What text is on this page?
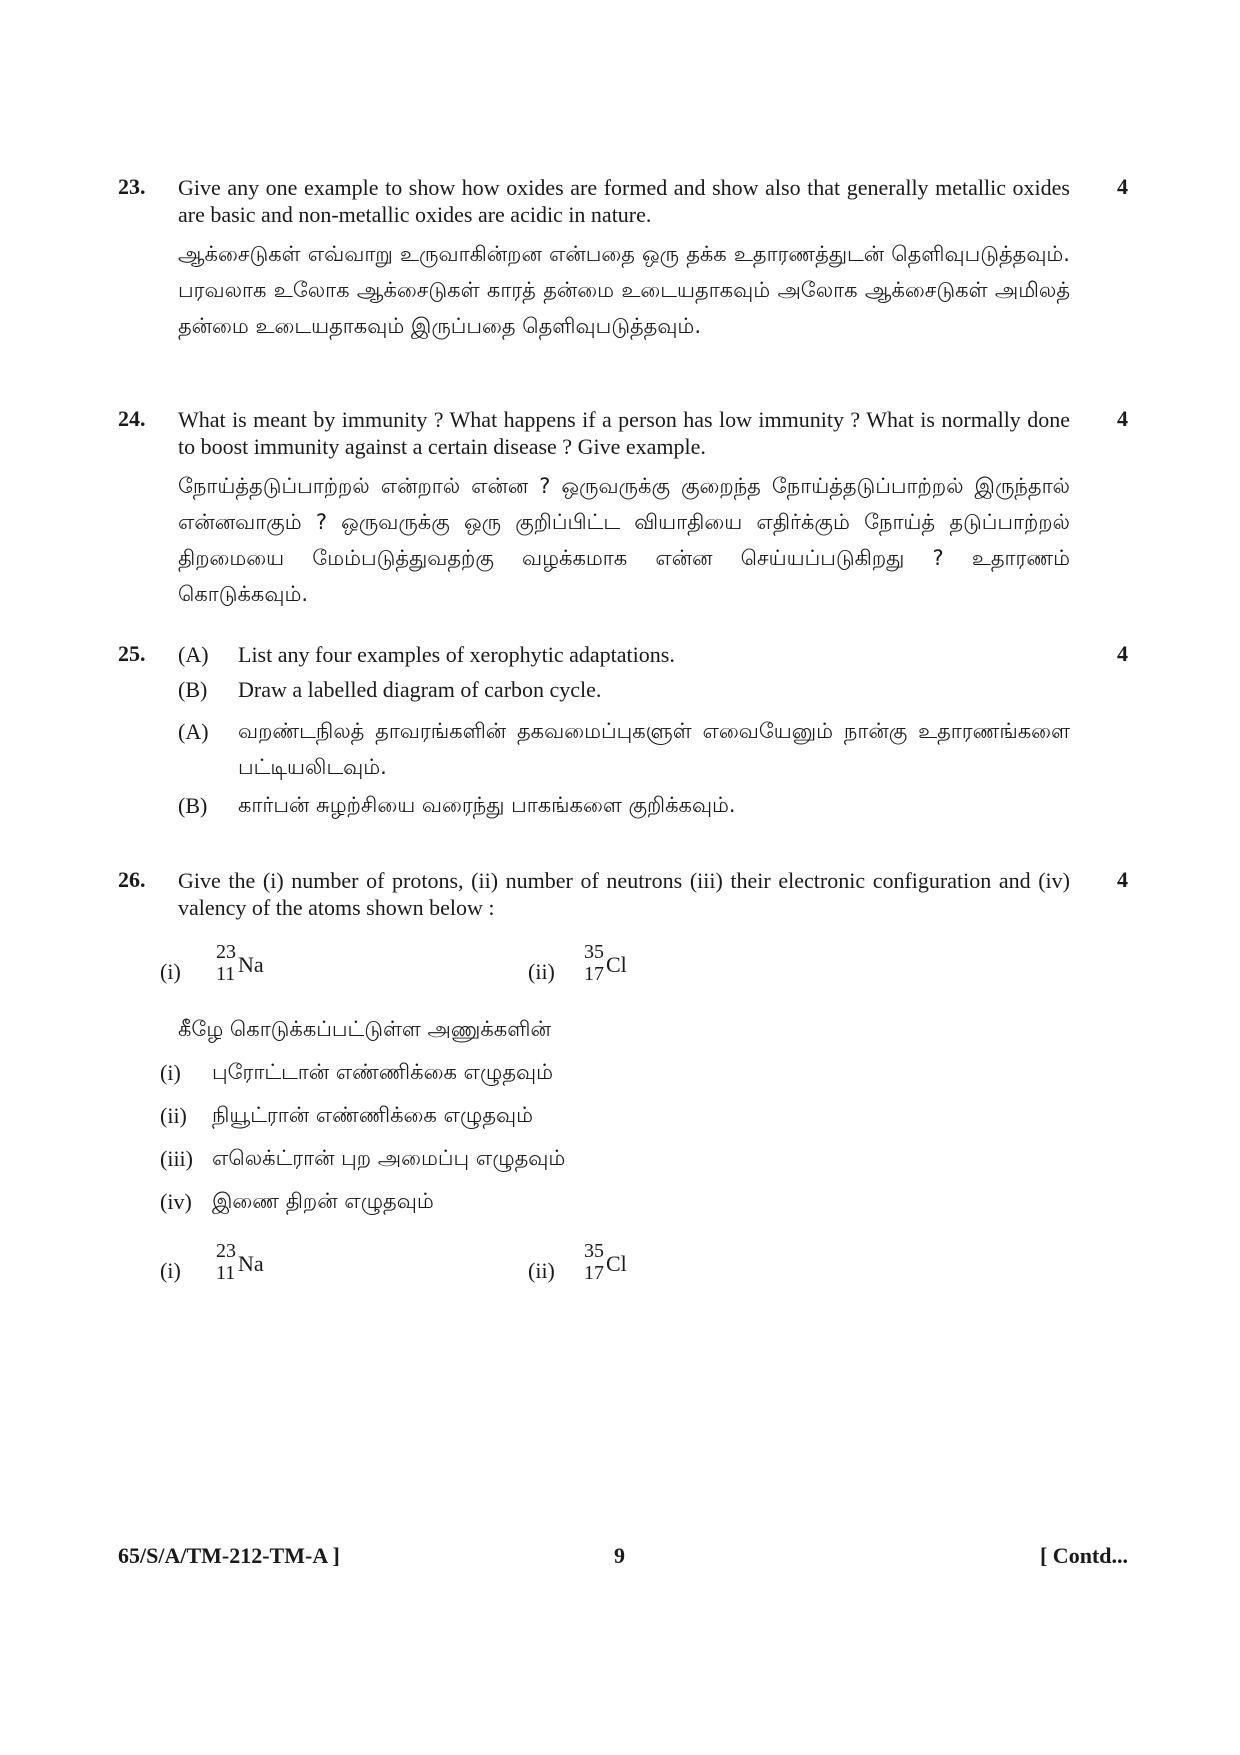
23.	4
Give any one example to show how oxides are formed and show also that generally metallic oxides are basic and non-metallic oxides are acidic in nature.
ஆக்சைடுகள் எவ்வாறு உருவாகின்றன என்பதை ஒரு தக்க உதாரணத்துடன் தெளிவுபடுத்தவும். பரவலாக உலோக ஆக்சைடுகள் காரத் தன்மை உடையதாகவும் அலோக ஆக்சைடுகள் அமிலத் தன்மை உடையதாகவும் இருப்பதை தெளிவுபடுத்தவும்.
24.	4
What is meant by immunity ? What happens if a person has low immunity ? What is normally done to boost immunity against a certain disease ? Give example.
நோய்த்தடுப்பாற்றல் என்றால் என்ன ? ஒருவருக்கு குறைந்த நோய்த்தடுப்பாற்றல் இருந்தால் என்னவாகும் ? ஒருவருக்கு ஒரு குறிப்பிட்ட வியாதியை எதிர்க்கும் நோய்த் தடுப்பாற்றல் திறமையை மேம்படுத்துவதற்கு வழக்கமாக என்ன செய்யப்படுகிறது ? உதாரணம் கொடுக்கவும்.
25.	4
(A) List any four examples of xerophytic adaptations.
(B) Draw a labelled diagram of carbon cycle.
(A) வறண்டநிலத் தாவரங்களின் தகவமைப்புகளுள் எவையேனும் நான்கு உதாரணங்களை பட்டியலிடவும்.
(B) கார்பன் சுழற்சியை வரைந்து பாகங்களை குறிக்கவும்.
26.	4
Give the (i) number of protons, (ii) number of neutrons (iii) their electronic configuration and (iv) valency of the atoms shown below :
(i)
23
11 Na	(ii)
35
17 Cl
கீழே கொடுக்கப்பட்டுள்ள அணுக்களின்
(i) புரோட்டான் எண்ணிக்கை எழுதவும்
(ii) நியூட்ரான் எண்ணிக்கை எழுதவும்
(iii) எலெக்ட்ரான் புற அமைப்பு எழுதவும்
(iv) இணை திறன் எழுதவும்
(i)
23
11 Na	(ii)
35
17 Cl
65/S/A/TM-212-TM-A ]	9	[ Contd...
